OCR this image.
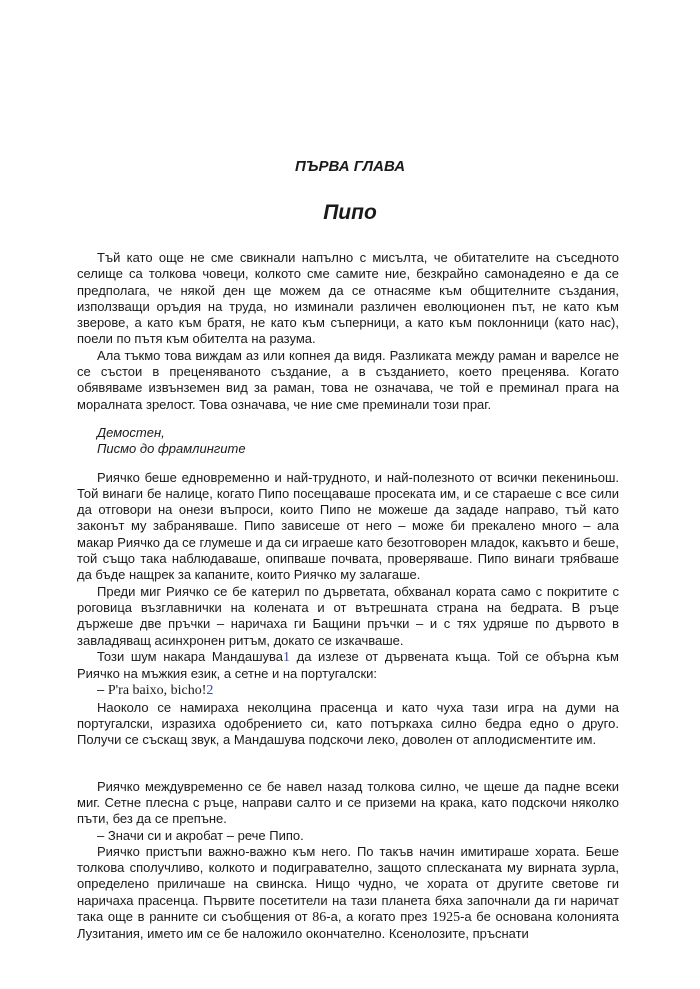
ПЪРВА ГЛАВА
Пипо

Тъй като още не сме свикнали напълно с мисълта, че обитателите на съседното селище са толкова човеци, колкото сме самите ние, безкрайно самонадеяно е да се предполага, че някой ден ще можем да се отнасяме към общителните създания, използващи оръдия на труда, но изминали различен еволюционен път, не като към зверове, а като към братя, не като към съперници, а като към поклонници (като нас), поели по пътя към обителта на разума.

Ала тъкмо това виждам аз или копнея да видя. Разликата между раман и варелсе не се състои в преценяваното създание, а в създанието, което преценява. Когато обявяваме извънземен вид за раман, това не означава, че той е преминал прага на моралната зрелост. Това означава, че ние сме преминали този праг.

Демостен,

Писмо до фрамлингите

Риячко беше едновременно и най-трудното, и най-полезното от всички пекениньош. Той винаги бе налице, когато Пипо посещаваше просеката им, и се стараеше с все сили да отговори на онези въпроси, които Пипо не можеше да зададе направо, тъй като законът му забраняваше. Пипо зависеше от него – може би прекалено много – ала макар Риячко да се глумеше и да си играеше като безотговорен младок, какъвто и беше, той също така наблюдаваше, опипваше почвата, проверяваше. Пипо винаги трябваше да бъде нащрек за капаните, които Риячко му залагаше.

Преди миг Риячко се бе катерил по дърветата, обхванал кората само с покритите с роговица възглавнички на колената и от вътрешната страна на бедрата. В ръце държеше две пръчки – наричаха ги Бащини пръчки – и с тях удряше по дървото в завладяващ асинхронен ритъм, докато се изкачваше.

Този шум накара Мандашува1 да излезе от дървената къща. Той се обърна към Риячко на мъжкия език, а сетне и на португалски:

– P'ra baixo, bicho!2

Наоколо се намираха неколцина прасенца и като чуха тази игра на думи на португалски, изразиха одобрението си, като потъркаха силно бедра едно о друго. Получи се съскащ звук, а Мандашува подскочи леко, доволен от аплодисментите им.

Риячко междувременно се бе навел назад толкова силно, че щеше да падне всеки миг. Сетне плесна с ръце, направи салто и се приземи на крака, като подскочи няколко пъти, без да се препъне.

– Значи си и акробат – рече Пипо.

Риячко пристъпи важно-важно към него. По такъв начин имитираше хората. Беше толкова сполучливо, колкото и подигравателно, защото сплесканата му вирната зурла, определено приличаше на свинска. Нищо чудно, че хората от другите светове ги наричаха прасенца. Първите посетители на тази планета бяха започнали да ги наричат така още в ранните си съобщения от 86-а, а когато през 1925-а бе основана колонията Лузитания, името им се бе наложило окончателно. Ксенолозите, пръснати
